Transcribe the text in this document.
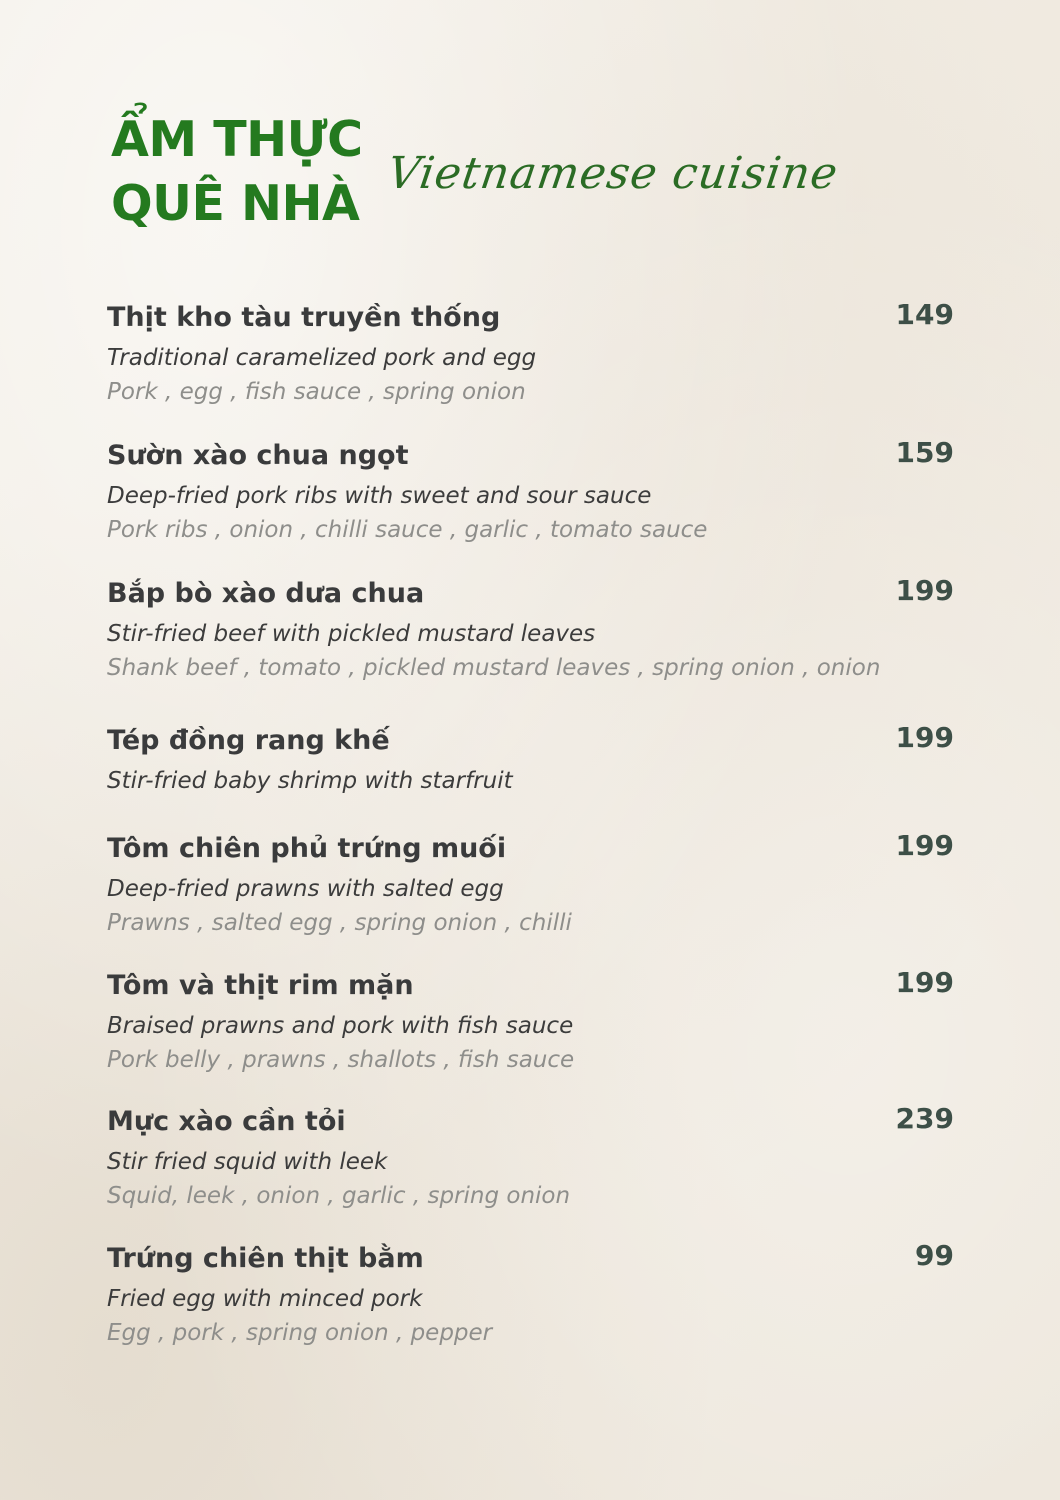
ẨM THỰC
QUÊ NHÀ
Vietnamese cuisine
Thịt kho tàu truyền thống	149
Traditional caramelized pork and egg
Pork , egg , fish sauce , spring onion
Sườn xào chua ngọt	159
Deep-fried pork ribs with sweet and sour sauce
Pork ribs , onion , chilli sauce , garlic , tomato sauce
Bắp bò xào dưa chua	199
Stir-fried beef with pickled mustard leaves
Shank beef , tomato , pickled mustard leaves , spring onion , onion
Tép đồng rang khế	199
Stir-fried baby shrimp with starfruit
Tôm chiên phủ trứng muối	199
Deep-fried prawns with salted egg
Prawns , salted egg , spring onion , chilli
Tôm và thịt rim mặn	199
Braised prawns and pork with fish sauce
Pork belly , prawns , shallots , fish sauce
Mực xào cần tỏi	239
Stir fried squid with leek
Squid, leek , onion , garlic , spring onion
Trứng chiên thịt bằm	99
Fried egg with minced pork
Egg , pork , spring onion , pepper
